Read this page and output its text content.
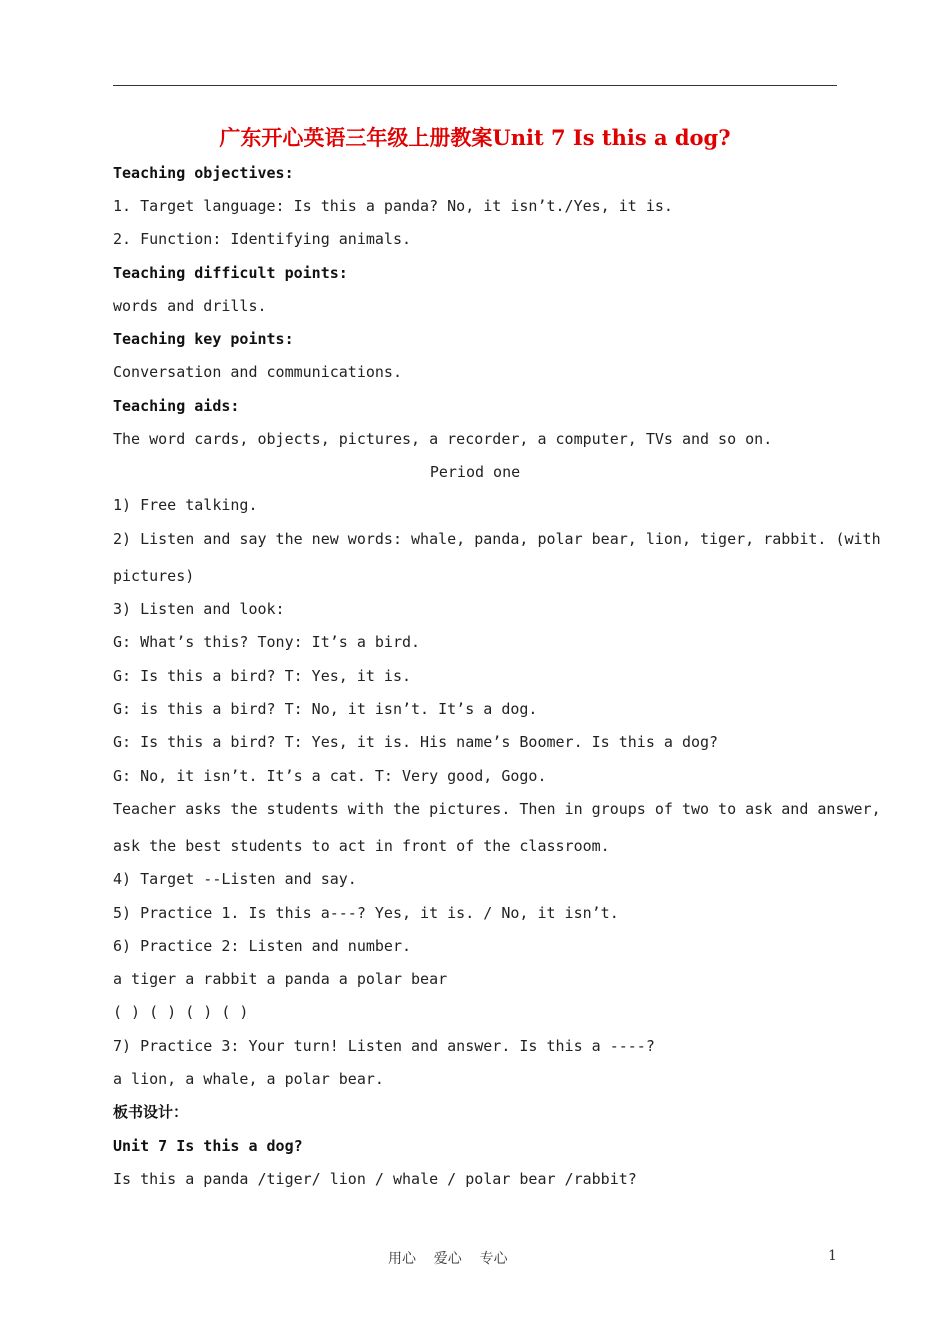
广东开心英语三年级上册教案Unit 7 Is this a dog?
Teaching objectives:
1. Target language: Is this a panda? No, it isn’t./Yes, it is.
2. Function: Identifying animals.
Teaching difficult points:
words and drills.
Teaching key points:
Conversation and communications.
Teaching aids:
The word cards, objects, pictures, a recorder, a computer, TVs and so on.
Period one
1) Free talking.
2) Listen and say the new words: whale, panda, polar bear, lion, tiger, rabbit. (with
pictures)
3) Listen and look:
G: What’s this? Tony: It’s a bird.
G: Is this a bird? T: Yes, it is.
G: is this a bird? T: No, it isn’t. It’s a dog.
G: Is this a bird? T: Yes, it is. His name’s Boomer. Is this a dog?
G: No, it isn’t. It’s a cat. T: Very good, Gogo.
Teacher asks the students with the pictures. Then in groups of two to ask and answer,
ask the best students to act in front of the classroom.
4) Target --Listen and say.
5) Practice 1. Is this a---? Yes, it is. / No, it isn’t.
6) Practice 2: Listen and number.
a tiger a rabbit a panda a polar bear
( ) ( ) ( ) ( )
7) Practice 3: Your turn! Listen and answer. Is this a ----?
a lion, a whale, a polar bear.
板书设计：
Unit 7 Is this a dog?
Is this a panda /tiger/ lion / whale / polar bear /rabbit?
用心    爱心    专心	1
